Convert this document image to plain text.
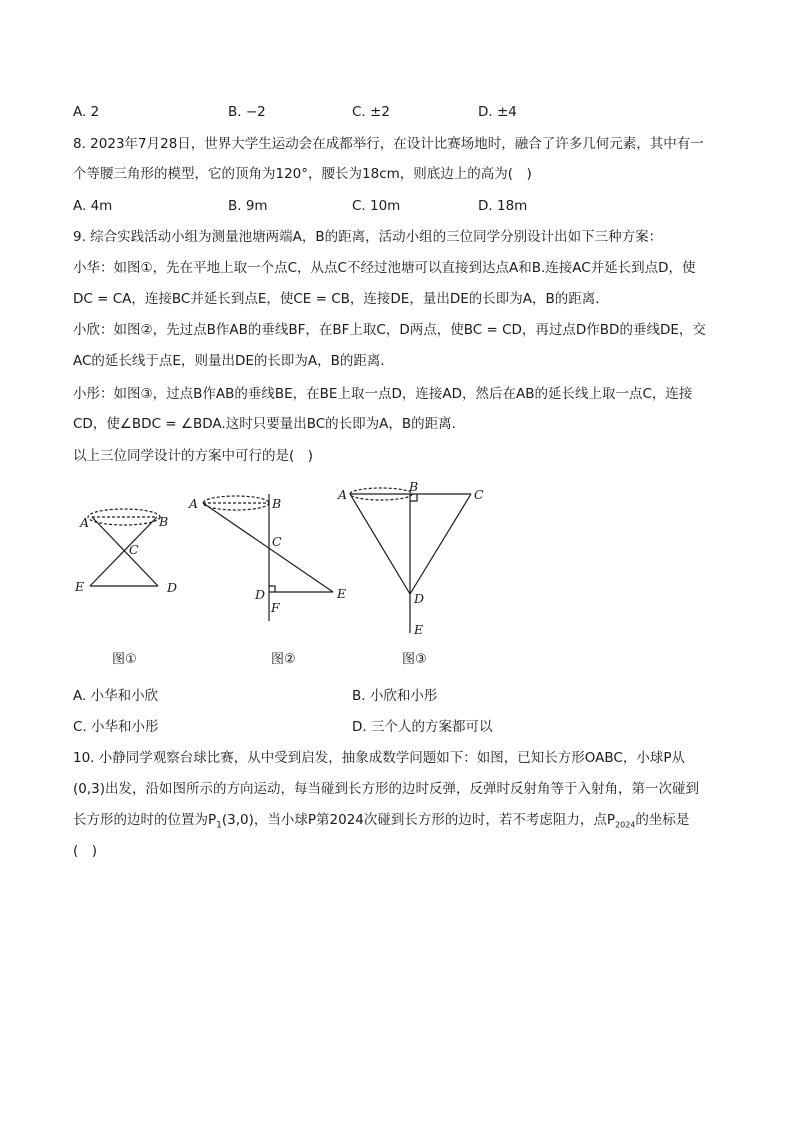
A. 2	B. −2	C. ±2	D. ±4
8. 2023年7月28日，世界大学生运动会在成都举行，在设计比赛场地时，融合了许多几何元素，其中有一
个等腰三角形的模型，它的顶角为120°，腰长为18cm，则底边上的高为(　)
A. 4m	B. 9m	C. 10m	D. 18m
9. 综合实践活动小组为测量池塘两端A，B的距离，活动小组的三位同学分别设计出如下三种方案：
小华：如图①，先在平地上取一个点C，从点C不经过池塘可以直接到达点A和B.连接AC并延长到点D，使
DC = CA，连接BC并延长到点E，使CE = CB，连接DE，量出DE的长即为A，B的距离．
小欣：如图②，先过点B作AB的垂线BF，在BF上取C，D两点，使BC = CD，再过点D作BD的垂线DE，交
AC的延长线于点E，则量出DE的长即为A，B的距离．
小彤：如图③，过点B作AB的垂线BE，在BE上取一点D，连接AD，然后在AB的延长线上取一点C，连接
CD，使∠BDC = ∠BDA.这时只要量出BC的长即为A，B的距离．
以上三位同学设计的方案中可行的是(　)
A	B
C
E	D
图①
A	B
C
D
F
E
图②
A
B
C
D
E
图③
A. 小华和小欣	B. 小欣和小彤
C. 小华和小彤	D. 三个人的方案都可以
10. 小静同学观察台球比赛，从中受到启发，抽象成数学问题如下：如图，已知长方形OABC，小球P从
(0,3)出发，沿如图所示的方向运动，每当碰到长方形的边时反弹，反弹时反射角等于入射角，第一次碰到
长方形的边时的位置为$P_1(3,0)$，当小球P第2024次碰到长方形的边时，若不考虑阻力，点$P_{2024}$的坐标是
(　)
